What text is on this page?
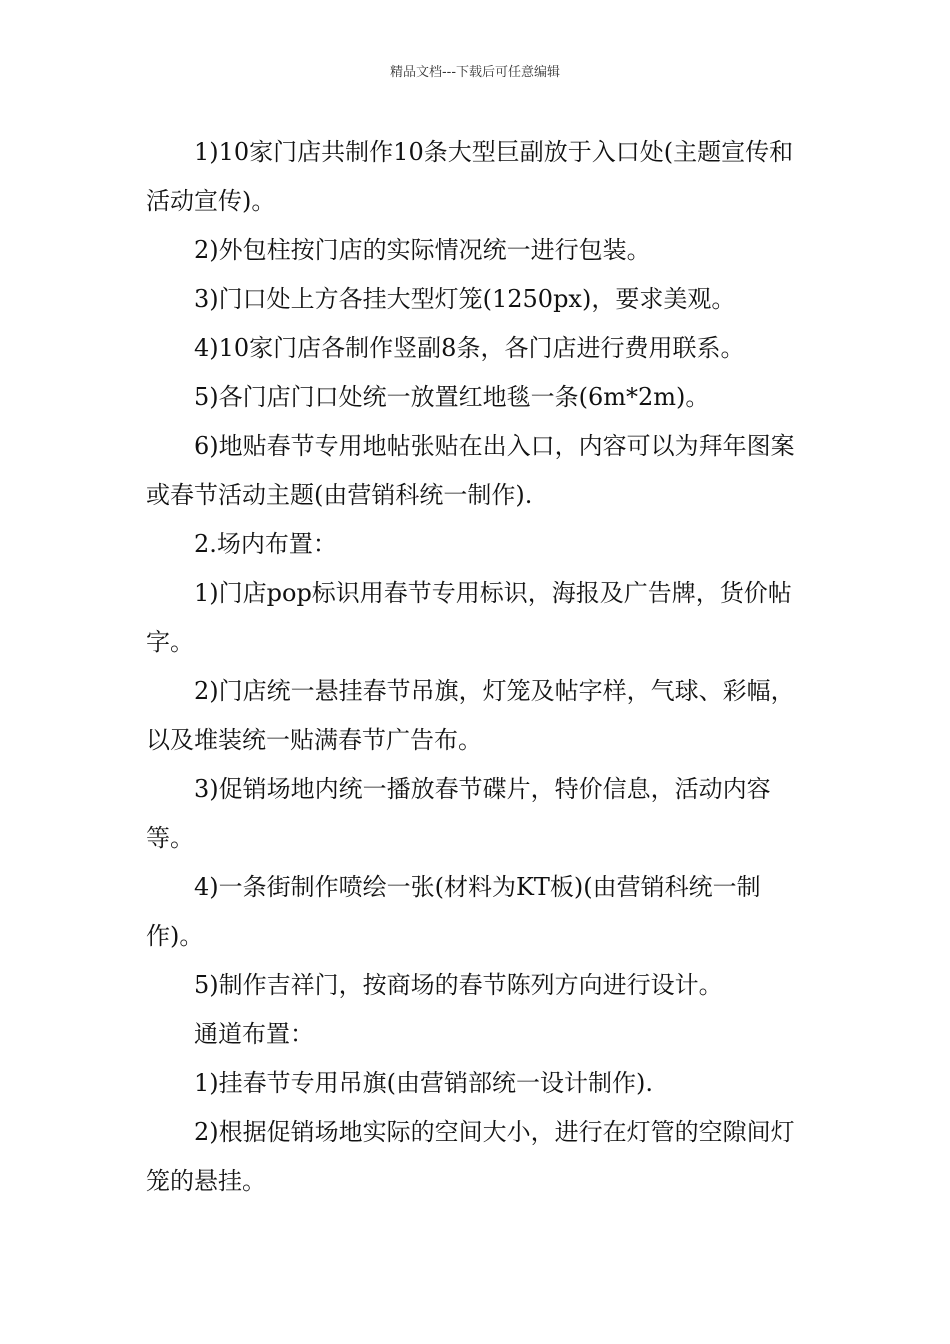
精品文档---下载后可任意编辑

1)10家门店共制作10条大型巨副放于入口处(主题宣传和活动宣传)。

2)外包柱按门店的实际情况统一进行包装。

3)门口处上方各挂大型灯笼(1250px)，要求美观。

4)10家门店各制作竖副8条，各门店进行费用联系。

5)各门店门口处统一放置红地毯一条(6m*2m)。

6)地贴春节专用地帖张贴在出入口，内容可以为拜年图案或春节活动主题(由营销科统一制作).

2.场内布置：

1)门店pop标识用春节专用标识，海报及广告牌，货价帖字。

2)门店统一悬挂春节吊旗，灯笼及帖字样，气球、彩幅，以及堆装统一贴满春节广告布。

3)促销场地内统一播放春节碟片，特价信息，活动内容等。

4)一条街制作喷绘一张(材料为KT板)(由营销科统一制作)。

5)制作吉祥门，按商场的春节陈列方向进行设计。

通道布置：

1)挂春节专用吊旗(由营销部统一设计制作).

2)根据促销场地实际的空间大小，进行在灯管的空隙间灯笼的悬挂。
